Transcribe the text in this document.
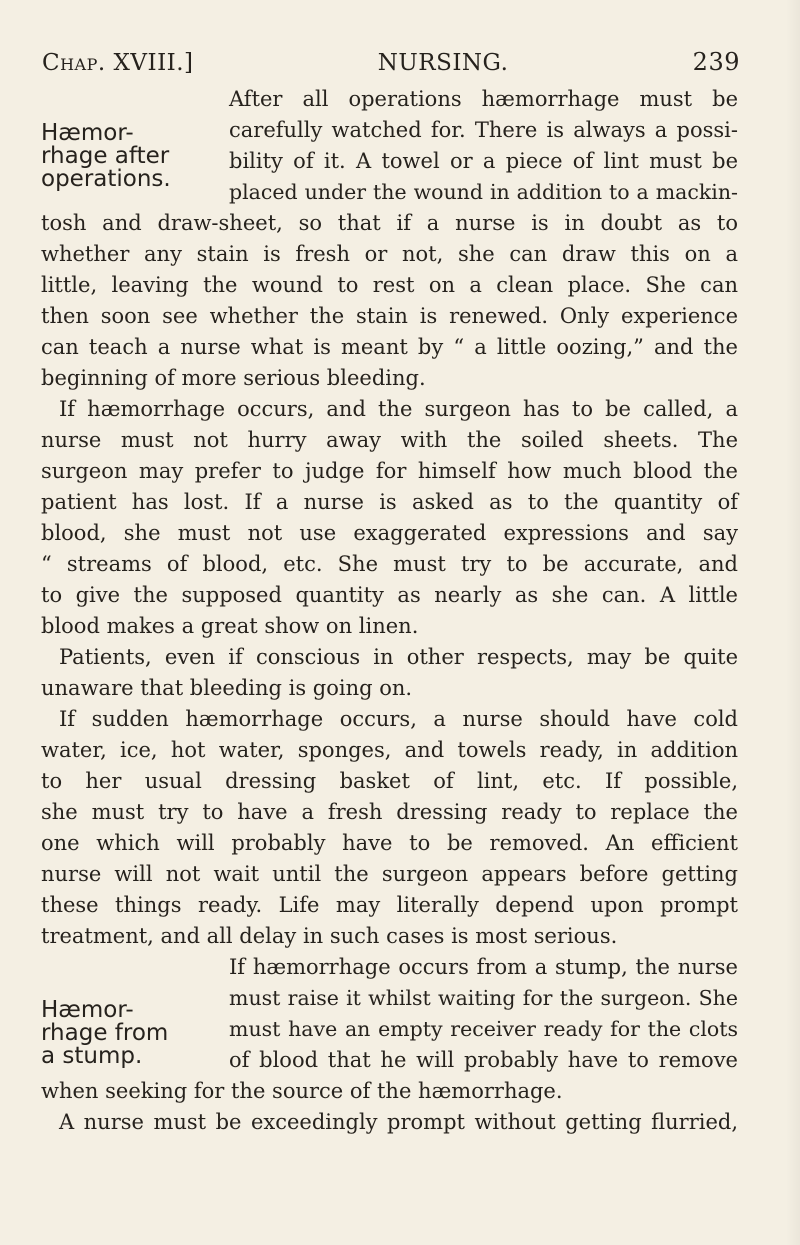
Chap. XVIII.]	NURSING.	239
Hæmor-
rhage after
operations.
After all operations hæmorrhage must be
carefully watched for. There is always a possi-
bility of it. A towel or a piece of lint must be
placed under the wound in addition to a mackin-
tosh and draw-sheet, so that if a nurse is in doubt as to
whether any stain is fresh or not, she can draw this on a
little, leaving the wound to rest on a clean place. She can
then soon see whether the stain is renewed. Only experience
can teach a nurse what is meant by “ a little oozing,” and the
beginning of more serious bleeding.
If hæmorrhage occurs, and the surgeon has to be called, a
nurse must not hurry away with the soiled sheets. The
surgeon may prefer to judge for himself how much blood the
patient has lost. If a nurse is asked as to the quantity of
blood, she must not use exaggerated expressions and say
“ streams of blood, etc. She must try to be accurate, and
to give the supposed quantity as nearly as she can. A little
blood makes a great show on linen.
Patients, even if conscious in other respects, may be quite
unaware that bleeding is going on.
If sudden hæmorrhage occurs, a nurse should have cold
water, ice, hot water, sponges, and towels ready, in addition
to her usual dressing basket of lint, etc. If possible,
she must try to have a fresh dressing ready to replace the
one which will probably have to be removed. An efficient
nurse will not wait until the surgeon appears before getting
these things ready. Life may literally depend upon prompt
treatment, and all delay in such cases is most serious.
Hæmor-
rhage from
a stump.
If hæmorrhage occurs from a stump, the nurse
must raise it whilst waiting for the surgeon. She
must have an empty receiver ready for the clots
of blood that he will probably have to remove
when seeking for the source of the hæmorrhage.
A nurse must be exceedingly prompt without getting flurried,
